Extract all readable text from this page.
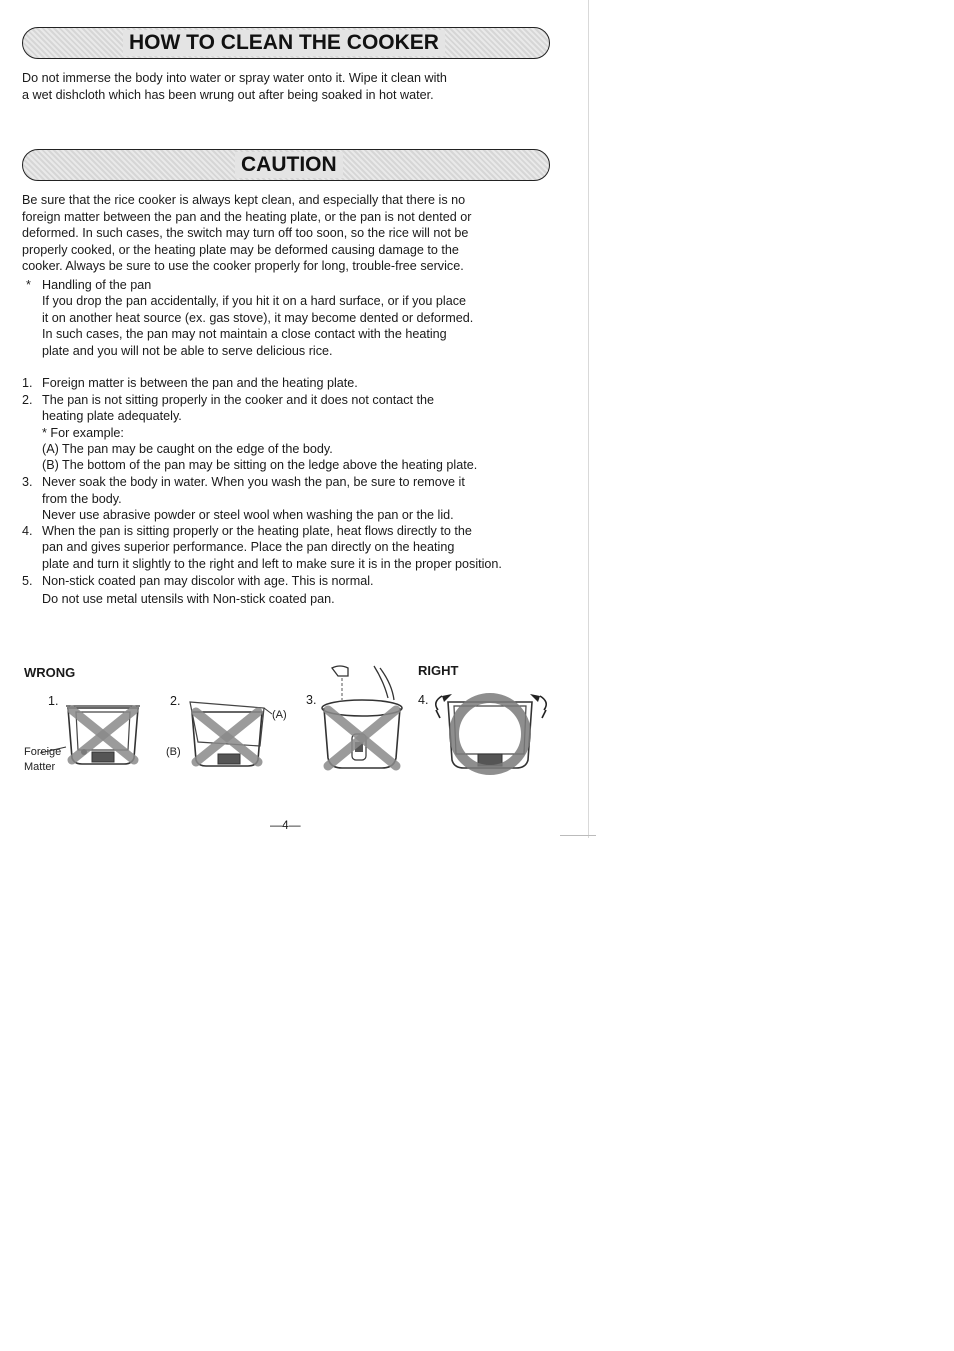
HOW TO CLEAN THE COOKER
Do not immerse the body into water or spray water onto it. Wipe it clean with
a wet dishcloth which has been wrung out after being soaked in hot water.
CAUTION
Be sure that the rice cooker is always kept clean, and especially that there is no
foreign matter between the pan and the heating plate, or the pan is not dented or
deformed. In such cases, the switch may turn off too soon, so the rice will not be
properly cooked, or the heating plate may be deformed causing damage to the
cooker. Always be sure to use the cooker properly for long, trouble-free service.
* Handling of the pan
If you drop the pan accidentally, if you hit it on a hard surface, or if you place
it on another heat source (ex. gas stove), it may become dented or deformed.
In such cases, the pan may not maintain a close contact with the heating
plate and you will not be able to serve delicious rice.
1. Foreign matter is between the pan and the heating plate.
2. The pan is not sitting properly in the cooker and it does not contact the
heating plate adequately.
* For example:
(A) The pan may be caught on the edge of the body.
(B) The bottom of the pan may be sitting on the ledge above the heating plate.
3. Never soak the body in water. When you wash the pan, be sure to remove it
from the body.
Never use abrasive powder or steel wool when washing the pan or the lid.
4. When the pan is sitting properly or the heating plate, heat flows directly to the
pan and gives superior performance. Place the pan directly on the heating
plate and turn it slightly to the right and left to make sure it is in the proper position.
5. Non-stick coated pan may discolor with age. This is normal.
Do not use metal utensils with Non-stick coated pan.
WRONG	RIGHT
1.	2.	3.	4.
Foreige
Matter
(A)
(B)
—4—
